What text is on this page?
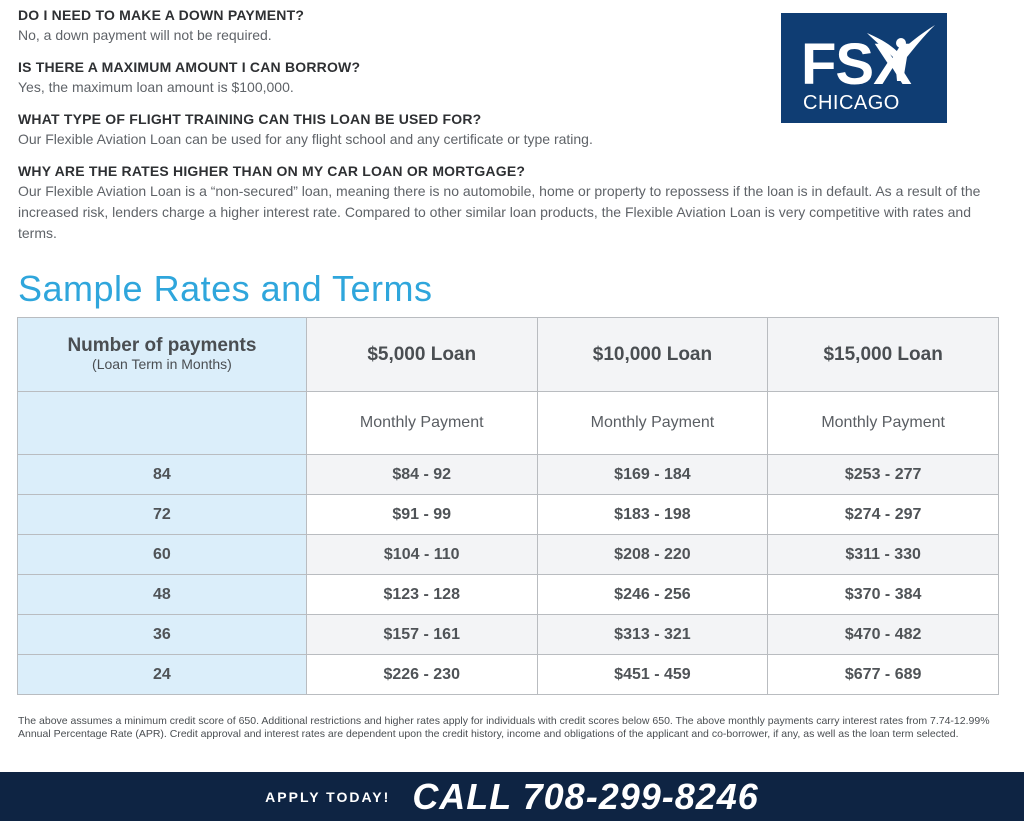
DO I NEED TO MAKE A DOWN PAYMENT?

No, a down payment will not be required.

IS THERE A MAXIMUM AMOUNT I CAN BORROW?

Yes, the maximum loan amount is $100,000.

WHAT TYPE OF FLIGHT TRAINING CAN THIS LOAN BE USED FOR?

Our Flexible Aviation Loan can be used for any flight school and any certificate or type rating.

WHY ARE THE RATES HIGHER THAN ON MY CAR LOAN OR MORTGAGE?

Our Flexible Aviation Loan is a “non-secured” loan, meaning there is no automobile, home or property to repossess if the loan is in default. As a result of the increased risk, lenders charge a higher interest rate. Compared to other similar loan products, the Flexible Aviation Loan is very competitive with rates and terms.

FSX
CHICAGO
Sample Rates and Terms
Number of payments
(Loan Term in Months)	$5,000 Loan	$10,000 Loan	$15,000 Loan
	Monthly Payment	Monthly Payment	Monthly Payment
84	$84 - 92	$169 - 184	$253 - 277
72	$91 - 99	$183 - 198	$274 - 297
60	$104 - 110	$208 - 220	$311 - 330
48	$123 - 128	$246 - 256	$370 - 384
36	$157 - 161	$313 - 321	$470 - 482
24	$226 - 230	$451 - 459	$677 - 689

The above assumes a minimum credit score of 650. Additional restrictions and higher rates apply for individuals with credit scores below 650. The above monthly payments carry interest rates from 7.74-12.99% Annual Percentage Rate (APR). Credit approval and interest rates are dependent upon the credit history, income and obligations of the applicant and co-borrower, if any, as well as the loan term selected.

APPLY TODAY! CALL 708-299-8246
